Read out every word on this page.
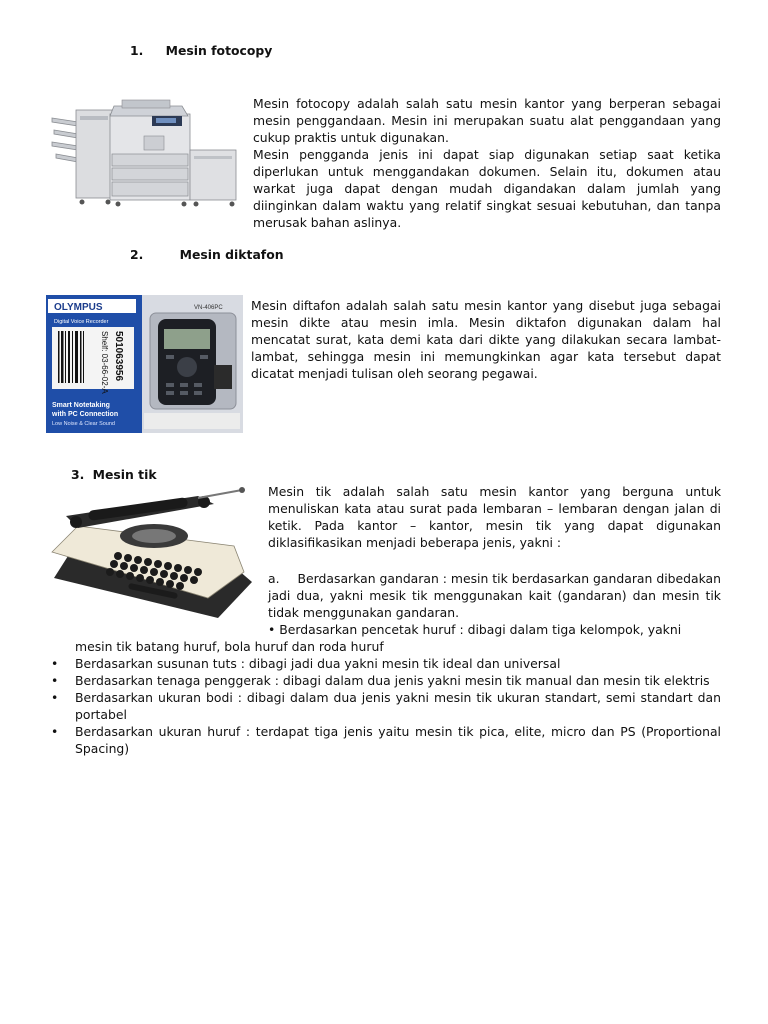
1. Mesin fotocopy

Mesin fotocopy adalah salah satu mesin kantor yang berperan sebagai mesin penggandaan. Mesin ini merupakan suatu alat penggandaan yang cukup praktis untuk digunakan.

Mesin pengganda jenis ini dapat siap digunakan setiap saat ketika diperlukan untuk menggandakan dokumen. Selain itu, dokumen atau warkat juga dapat dengan mudah digandakan dalam jumlah yang diinginkan dalam waktu yang relatif singkat sesuai kebutuhan, dan tanpa merusak bahan aslinya.

2.	Mesin diktafon
OLYMPUS
Digital Voice Recorder
501063956
Shelf: 03-66-02-A
Smart Notetaking
with PC Connection
Low Noise & Clear Sound
VN-406PC Mesin diftafon adalah salah satu mesin kantor yang disebut juga sebagai mesin dikte atau mesin imla. Mesin diktafon digunakan dalam hal mencatat surat, kata demi kata dari dikte yang dilakukan secara lambat-lambat, sehingga mesin ini memungkinkan agar kata tersebut dapat dicatat menjadi tulisan oleh seorang pegawai.

3. Mesin tik

Mesin tik adalah salah satu mesin kantor yang berguna untuk menuliskan kata atau surat pada lembaran – lembaran dengan jalan di ketik. Pada kantor – kantor, mesin tik yang dapat digunakan diklasifikasikan menjadi beberapa jenis, yakni :

a. Berdasarkan gandaran : mesin tik berdasarkan gandaran dibedakan jadi dua, yakni mesik tik menggunakan kait (gandaran) dan mesin tik tidak menggunakan gandaran.

• Berdasarkan pencetak huruf : dibagi dalam tiga kelompok, yakni

mesin tik batang huruf, bola huruf dan roda huruf

• Berdasarkan susunan tuts : dibagi jadi dua yakni mesin tik ideal dan universal
• Berdasarkan tenaga penggerak : dibagi dalam dua jenis yakni mesin tik manual dan mesin tik elektris
• Berdasarkan ukuran bodi : dibagi dalam dua jenis yakni mesin tik ukuran standart, semi standart dan portabel
• Berdasarkan ukuran huruf : terdapat tiga jenis yaitu mesin tik pica, elite, micro dan PS (Proportional Spacing)
